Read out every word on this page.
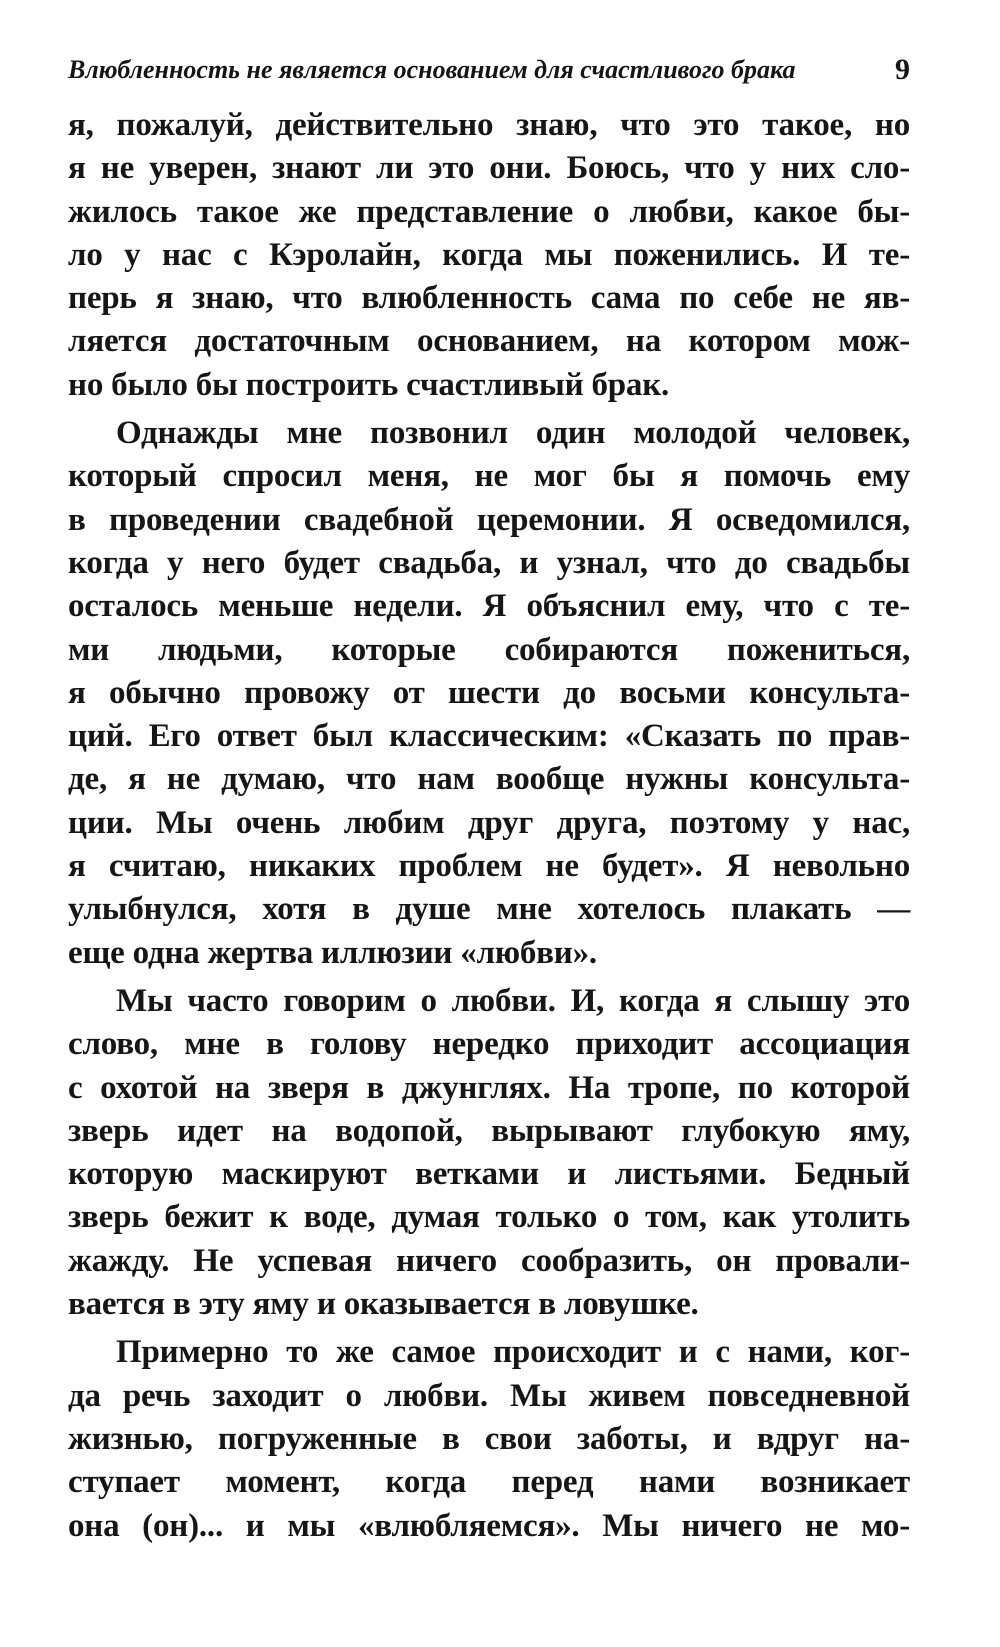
Влюбленность не является основанием для счастливого брака	9
я, пожалуй, действительно знаю, что это такое, но
я не уверен, знают ли это они. Боюсь, что у них сло-
жилось такое же представление о любви, какое бы-
ло у нас с Кэролайн, когда мы поженились. И те-
перь я знаю, что влюбленность сама по себе не яв-
ляется достаточным основанием, на котором мож-
но было бы построить счастливый брак.
Однажды мне позвонил один молодой человек,
который спросил меня, не мог бы я помочь ему
в проведении свадебной церемонии. Я осведомился,
когда у него будет свадьба, и узнал, что до свадьбы
осталось меньше недели. Я объяснил ему, что с те-
ми людьми, которые собираются пожениться,
я обычно провожу от шести до восьми консульта-
ций. Его ответ был классическим: «Сказать по прав-
де, я не думаю, что нам вообще нужны консульта-
ции. Мы очень любим друг друга, поэтому у нас,
я считаю, никаких проблем не будет». Я невольно
улыбнулся, хотя в душе мне хотелось плакать —
еще одна жертва иллюзии «любви».
Мы часто говорим о любви. И, когда я слышу это
слово, мне в голову нередко приходит ассоциация
с охотой на зверя в джунглях. На тропе, по которой
зверь идет на водопой, вырывают глубокую яму,
которую маскируют ветками и листьями. Бедный
зверь бежит к воде, думая только о том, как утолить
жажду. Не успевая ничего сообразить, он провали-
вается в эту яму и оказывается в ловушке.
Примерно то же самое происходит и с нами, ког-
да речь заходит о любви. Мы живем повседневной
жизнью, погруженные в свои заботы, и вдруг на-
ступает момент, когда перед нами возникает
она (он)... и мы «влюбляемся». Мы ничего не мо-
